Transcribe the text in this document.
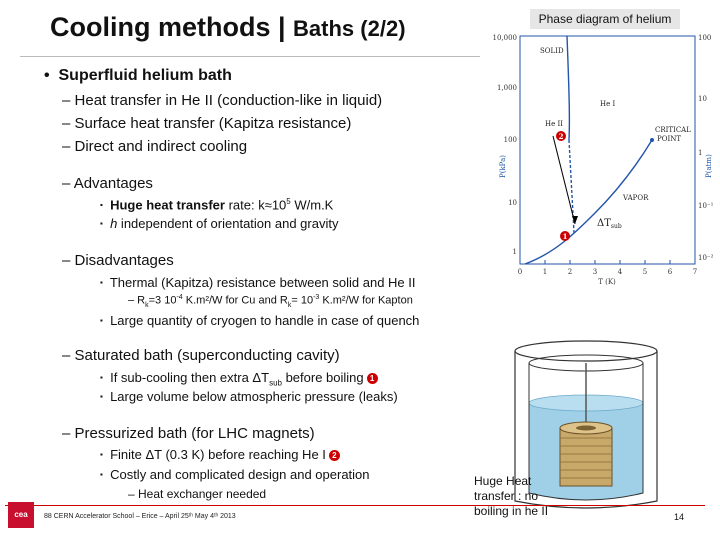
Cooling methods | Baths (2/2)
• Superfluid helium bath
– Heat transfer in He II (conduction-like in liquid)
– Surface heat transfer (Kapitza resistance)
– Direct and indirect cooling
– Advantages
▪ Huge heat transfer rate: $k\approx 10^5$ W/m.K
▪ h independent of orientation and gravity
– Disadvantages
▪ Thermal (Kapitza) resistance between solid and He II
– $R_k=3$ $10^{-4}$ K.m²/W for Cu and $R_k= 10^{-3}$ K.m²/W for Kapton
▪ Large quantity of cryogen to handle in case of quench
– Saturated bath (superconducting cavity)
▪ If sub-cooling then extra $\Delta T_{sub}$ before boiling 1
▪ Large volume below atmospheric pressure (leaks)
– Pressurized bath (for LHC magnets)
▪ Finite ΔT (0.3 K) before reaching He I 2
▪ Costly and complicated design and operation
– Heat exchanger needed
Phase diagram of helium
10,000
1,000
100
10
1
100
10
1
10⁻¹
10⁻²
0	1	2	3	4	5	6	7
P(kPa)	P(atm)
T (K)
SOLID
He I
He II
CRITICAL
POINT
VAPOR
2
1
$\Delta T_{sub}$
Huge Heat
transfer : no
boiling in he II
cea	88 CERN Accelerator School – Erice – April 25ᵗʰ May 4ᵗʰ 2013	14
